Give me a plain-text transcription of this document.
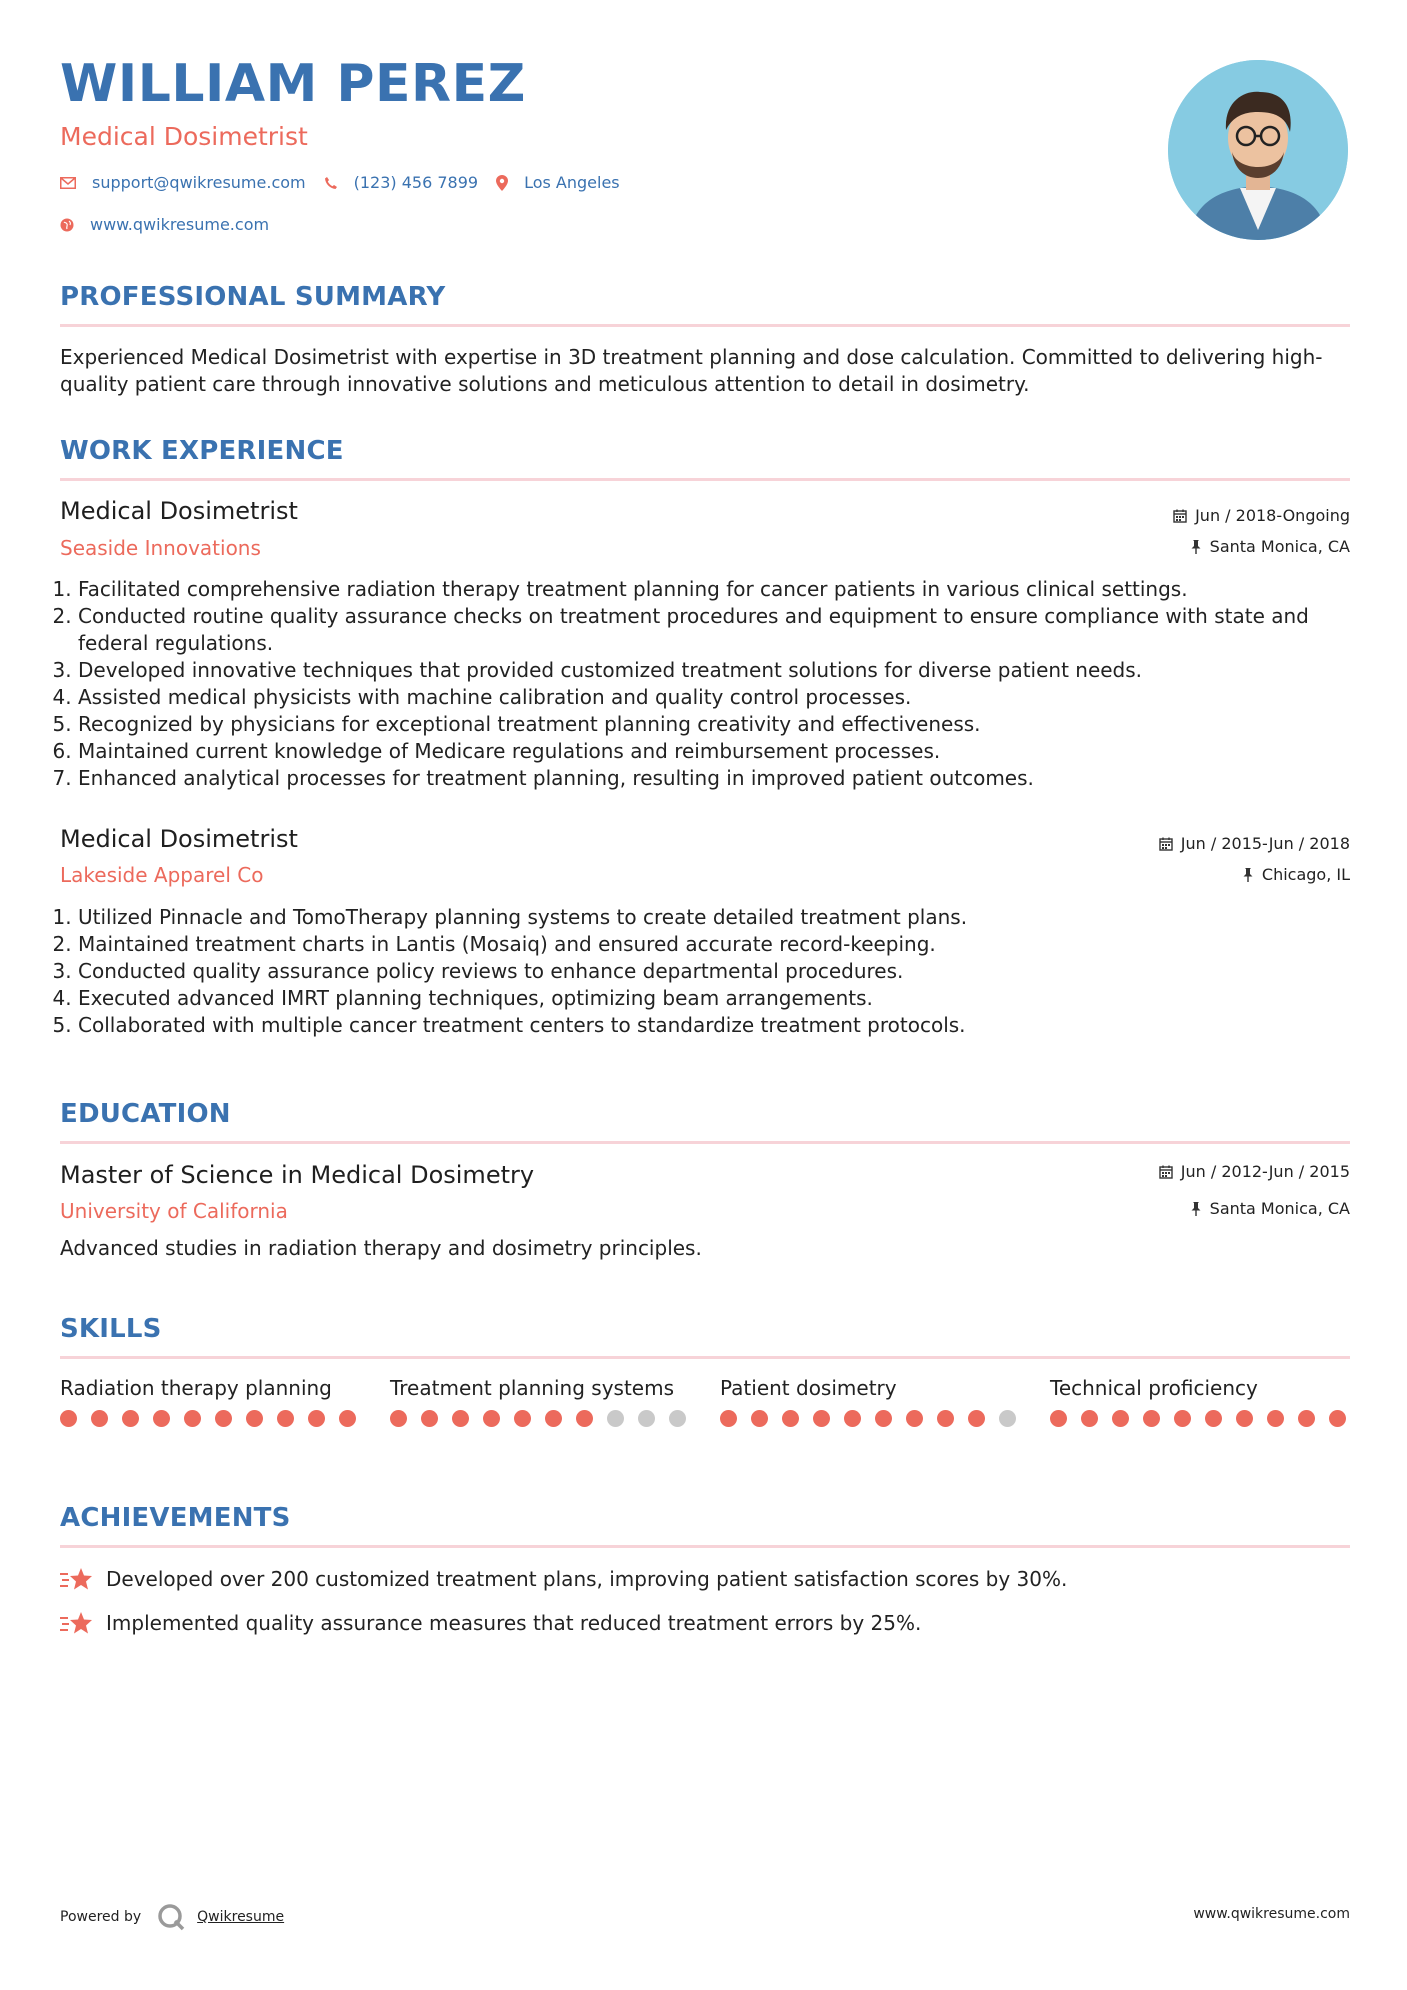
WILLIAM PEREZ
Medical Dosimetrist
support@qwikresume.com	(123) 456 7899	Los Angeles
www.qwikresume.com
PROFESSIONAL SUMMARY
Experienced Medical Dosimetrist with expertise in 3D treatment planning and dose calculation. Committed to delivering high-quality patient care through innovative solutions and meticulous attention to detail in dosimetry.
WORK EXPERIENCE
Medical Dosimetrist
Seaside Innovations
Jun / 2018-Ongoing
Santa Monica, CA
1. Facilitated comprehensive radiation therapy treatment planning for cancer patients in various clinical settings.
2. Conducted routine quality assurance checks on treatment procedures and equipment to ensure compliance with state and federal regulations.
3. Developed innovative techniques that provided customized treatment solutions for diverse patient needs.
4. Assisted medical physicists with machine calibration and quality control processes.
5. Recognized by physicians for exceptional treatment planning creativity and effectiveness.
6. Maintained current knowledge of Medicare regulations and reimbursement processes.
7. Enhanced analytical processes for treatment planning, resulting in improved patient outcomes.
Medical Dosimetrist
Lakeside Apparel Co
Jun / 2015-Jun / 2018
Chicago, IL
1. Utilized Pinnacle and TomoTherapy planning systems to create detailed treatment plans.
2. Maintained treatment charts in Lantis (Mosaiq) and ensured accurate record-keeping.
3. Conducted quality assurance policy reviews to enhance departmental procedures.
4. Executed advanced IMRT planning techniques, optimizing beam arrangements.
5. Collaborated with multiple cancer treatment centers to standardize treatment protocols.
EDUCATION
Master of Science in Medical Dosimetry
University of California
Jun / 2012-Jun / 2015
Santa Monica, CA
Advanced studies in radiation therapy and dosimetry principles.
SKILLS
Radiation therapy planning	Treatment planning systems	Patient dosimetry	Technical proficiency
ACHIEVEMENTS
Developed over 200 customized treatment plans, improving patient satisfaction scores by 30%.
Implemented quality assurance measures that reduced treatment errors by 25%.
Powered by	Qwikresume	www.qwikresume.com
